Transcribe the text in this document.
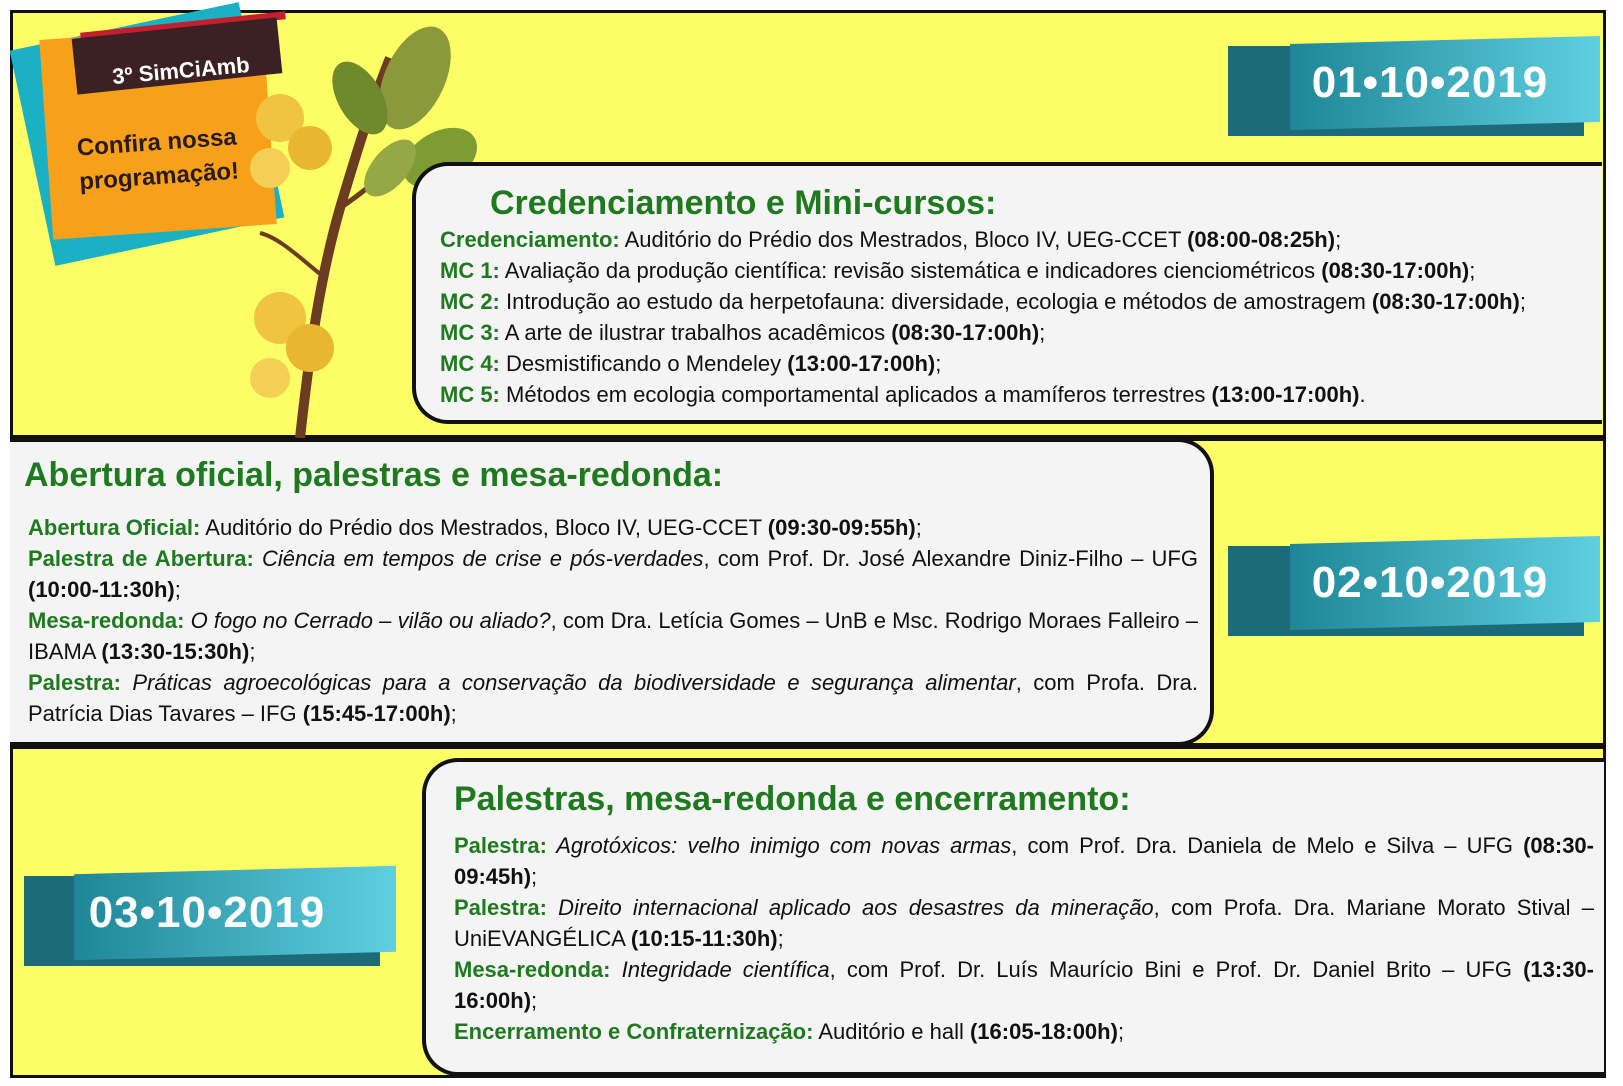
3º SimCiAmb
Confira nossa programação!
01•10•2019
02•10•2019
03•10•2019
Credenciamento e Mini-cursos:

Credenciamento: Auditório do Prédio dos Mestrados, Bloco IV, UEG-CCET (08:00-08:25h);

MC 1: Avaliação da produção científica: revisão sistemática e indicadores cienciométricos (08:30-17:00h);

MC 2: Introdução ao estudo da herpetofauna: diversidade, ecologia e métodos de amostragem (08:30-17:00h);

MC 3: A arte de ilustrar trabalhos acadêmicos (08:30-17:00h);

MC 4: Desmistificando o Mendeley (13:00-17:00h);

MC 5: Métodos em ecologia comportamental aplicados a mamíferos terrestres (13:00-17:00h).

Abertura oficial, palestras e mesa-redonda:

Abertura Oficial: Auditório do Prédio dos Mestrados, Bloco IV, UEG-CCET (09:30-09:55h);

Palestra de Abertura: Ciência em tempos de crise e pós-verdades, com Prof. Dr. José Alexandre Diniz-Filho – UFG (10:00-11:30h);

Mesa-redonda: O fogo no Cerrado – vilão ou aliado?, com Dra. Letícia Gomes – UnB e Msc. Rodrigo Moraes Falleiro – IBAMA (13:30-15:30h);

Palestra: Práticas agroecológicas para a conservação da biodiversidade e segurança alimentar, com Profa. Dra. Patrícia Dias Tavares – IFG (15:45-17:00h);

Palestras, mesa-redonda e encerramento:

Palestra: Agrotóxicos: velho inimigo com novas armas, com Prof. Dra. Daniela de Melo e Silva – UFG (08:30-09:45h);

Palestra: Direito internacional aplicado aos desastres da mineração, com Profa. Dra. Mariane Morato Stival – UniEVANGÉLICA (10:15-11:30h);

Mesa-redonda: Integridade científica, com Prof. Dr. Luís Maurício Bini e Prof. Dr. Daniel Brito – UFG (13:30-16:00h);

Encerramento e Confraternização: Auditório e hall (16:05-18:00h);
